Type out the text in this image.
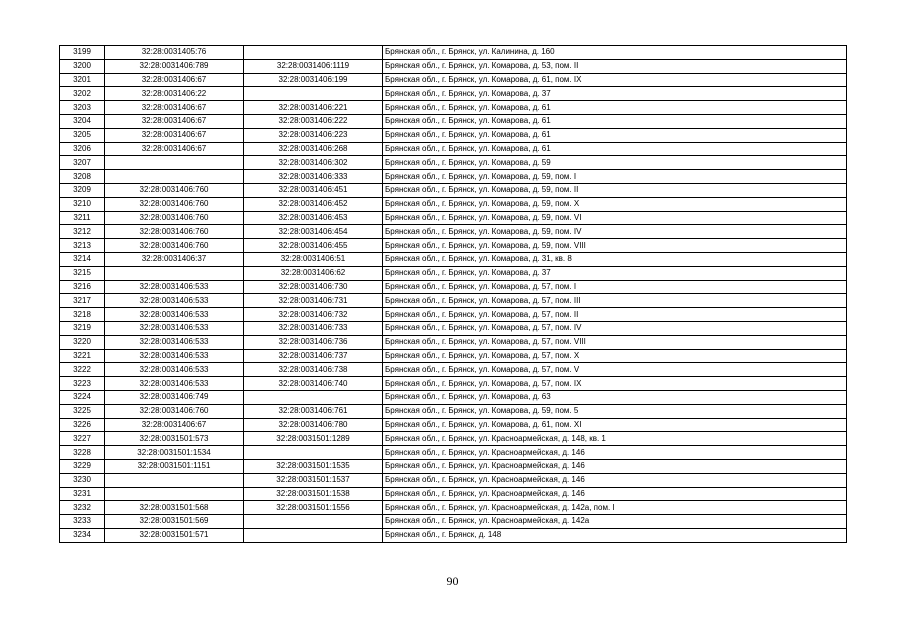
3199	32:28:0031405:76		Брянская обл., г. Брянск, ул. Калинина, д. 160
3200	32:28:0031406:789	32:28:0031406:1119	Брянская обл., г. Брянск, ул. Комарова, д. 53, пом. II
3201	32:28:0031406:67	32:28:0031406:199	Брянская обл., г. Брянск, ул. Комарова, д. 61, пом. IX
3202	32:28:0031406:22		Брянская обл., г. Брянск, ул. Комарова, д. 37
3203	32:28:0031406:67	32:28:0031406:221	Брянская обл., г. Брянск, ул. Комарова, д. 61
3204	32:28:0031406:67	32:28:0031406:222	Брянская обл., г. Брянск, ул. Комарова, д. 61
3205	32:28:0031406:67	32:28:0031406:223	Брянская обл., г. Брянск, ул. Комарова, д. 61
3206	32:28:0031406:67	32:28:0031406:268	Брянская обл., г. Брянск, ул. Комарова, д. 61
3207		32:28:0031406:302	Брянская обл., г. Брянск, ул. Комарова, д. 59
3208		32:28:0031406:333	Брянская обл., г. Брянск, ул. Комарова, д. 59, пом. I
3209	32:28:0031406:760	32:28:0031406:451	Брянская обл., г. Брянск, ул. Комарова, д. 59, пом. II
3210	32:28:0031406:760	32:28:0031406:452	Брянская обл., г. Брянск, ул. Комарова, д. 59, пом. X
3211	32:28:0031406:760	32:28:0031406:453	Брянская обл., г. Брянск, ул. Комарова, д. 59, пом. VI
3212	32:28:0031406:760	32:28:0031406:454	Брянская обл., г. Брянск, ул. Комарова, д. 59, пом. IV
3213	32:28:0031406:760	32:28:0031406:455	Брянская обл., г. Брянск, ул. Комарова, д. 59, пом. VIII
3214	32:28:0031406:37	32:28:0031406:51	Брянская обл., г. Брянск, ул. Комарова, д. 31, кв. 8
3215		32:28:0031406:62	Брянская обл., г. Брянск, ул. Комарова, д. 37
3216	32:28:0031406:533	32:28:0031406:730	Брянская обл., г. Брянск, ул. Комарова, д. 57, пом. I
3217	32:28:0031406:533	32:28:0031406:731	Брянская обл., г. Брянск, ул. Комарова, д. 57, пом. III
3218	32:28:0031406:533	32:28:0031406:732	Брянская обл., г. Брянск, ул. Комарова, д. 57, пом. II
3219	32:28:0031406:533	32:28:0031406:733	Брянская обл., г. Брянск, ул. Комарова, д. 57, пом. IV
3220	32:28:0031406:533	32:28:0031406:736	Брянская обл., г. Брянск, ул. Комарова, д. 57, пом. VIII
3221	32:28:0031406:533	32:28:0031406:737	Брянская обл., г. Брянск, ул. Комарова, д. 57, пом. X
3222	32:28:0031406:533	32:28:0031406:738	Брянская обл., г. Брянск, ул. Комарова, д. 57, пом. V
3223	32:28:0031406:533	32:28:0031406:740	Брянская обл., г. Брянск, ул. Комарова, д. 57, пом. IX
3224	32:28:0031406:749		Брянская обл., г. Брянск, ул. Комарова, д. 63
3225	32:28:0031406:760	32:28:0031406:761	Брянская обл., г. Брянск, ул. Комарова, д. 59, пом. 5
3226	32:28:0031406:67	32:28:0031406:780	Брянская обл., г. Брянск, ул. Комарова, д. 61, пом. XI
3227	32:28:0031501:573	32:28:0031501:1289	Брянская обл., г. Брянск, ул. Красноармейская, д. 148, кв. 1
3228	32:28:0031501:1534		Брянская обл., г. Брянск, ул. Красноармейская, д. 146
3229	32:28:0031501:1151	32:28:0031501:1535	Брянская обл., г. Брянск, ул. Красноармейская, д. 146
3230		32:28:0031501:1537	Брянская обл., г. Брянск, ул. Красноармейская, д. 146
3231		32:28:0031501:1538	Брянская обл., г. Брянск, ул. Красноармейская, д. 146
3232	32:28:0031501:568	32:28:0031501:1556	Брянская обл., г. Брянск, ул. Красноармейская, д. 142а, пом. I
3233	32:28:0031501:569		Брянская обл., г. Брянск, ул. Красноармейская, д. 142а
3234	32:28:0031501:571		Брянская обл., г. Брянск, д. 148
90
